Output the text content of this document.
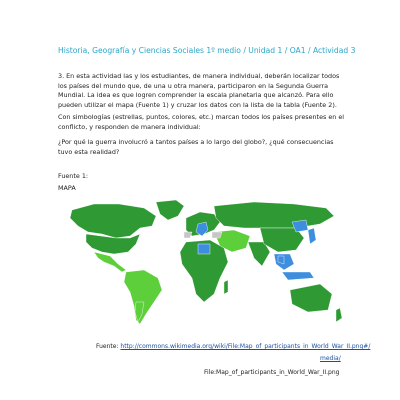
Historia, Geografía y Ciencias Sociales 1º medio / Unidad 1 / OA1 / Actividad 3
3. En esta actividad las y los estudiantes, de manera individual, deberán localizar todos los países del mundo que, de una u otra manera, participaron en la Segunda Guerra Mundial. La idea es que logren comprender la escala planetaria que alcanzó. Para ello pueden utilizar el mapa (Fuente 1) y cruzar los datos con la lista de la tabla (Fuente 2).
Con simbologías (estrellas, puntos, colores, etc.) marcan todos los países presentes en el conflicto, y responden de manera individual:
¿Por qué la guerra involucró a tantos países a lo largo del globo?, ¿qué consecuencias tuvo esta realidad?
Fuente 1:
MAPA
Fuente: http://commons.wikimedia.org/wiki/File:Map_of_participants_in_World_War_II.png#/
media/
File:Map_of_participants_in_World_War_II.png
